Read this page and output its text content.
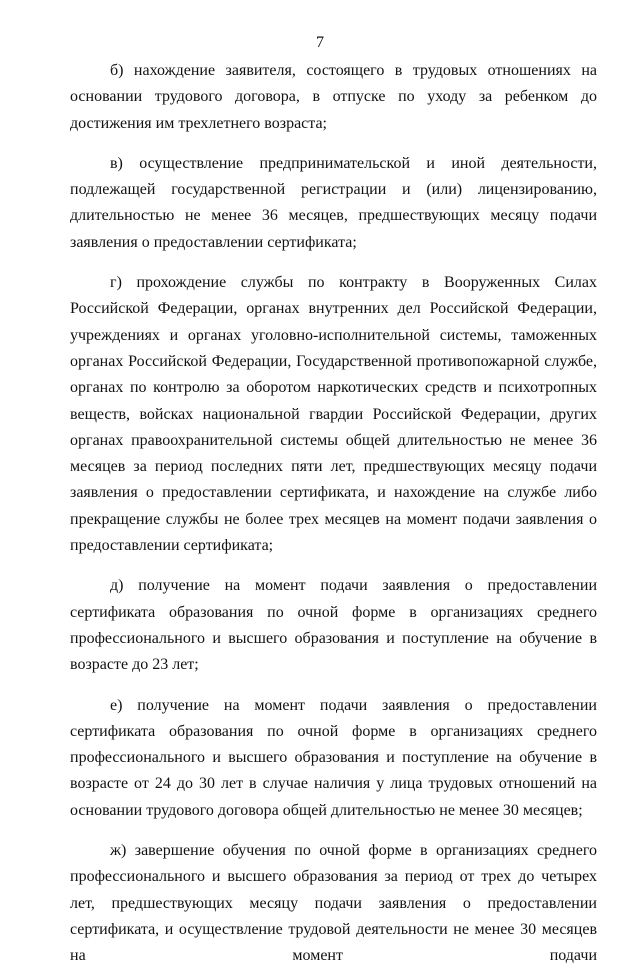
7

б) нахождение заявителя, состоящего в трудовых отношениях на основании трудового договора, в отпуске по уходу за ребенком до достижения им трехлетнего возраста;

в) осуществление предпринимательской и иной деятельности, подлежащей государственной регистрации и (или) лицензированию, длительностью не менее 36 месяцев, предшествующих месяцу подачи заявления о предоставлении сертификата;

г) прохождение службы по контракту в Вооруженных Силах Российской Федерации, органах внутренних дел Российской Федерации, учреждениях и органах уголовно-исполнительной системы, таможенных органах Российской Федерации, Государственной противопожарной службе, органах по контролю за оборотом наркотических средств и психотропных веществ, войсках национальной гвардии Российской Федерации, других органах правоохранительной системы общей длительностью не менее 36 месяцев за период последних пяти лет, предшествующих месяцу подачи заявления о предоставлении сертификата, и нахождение на службе либо прекращение службы не более трех месяцев на момент подачи заявления о предоставлении сертификата;

д) получение на момент подачи заявления о предоставлении сертификата образования по очной форме в организациях среднего профессионального и высшего образования и поступление на обучение в возрасте до 23 лет;

е) получение на момент подачи заявления о предоставлении сертификата образования по очной форме в организациях среднего профессионального и высшего образования и поступление на обучение в возрасте от 24 до 30 лет в случае наличия у лица трудовых отношений на основании трудового договора общей длительностью не менее 30 месяцев;

ж) завершение обучения по очной форме в организациях среднего профессионального и высшего образования за период от трех до четырех лет, предшествующих месяцу подачи заявления о предоставлении сертификата, и осуществление трудовой деятельности не менее 30 месяцев на момент подачи
